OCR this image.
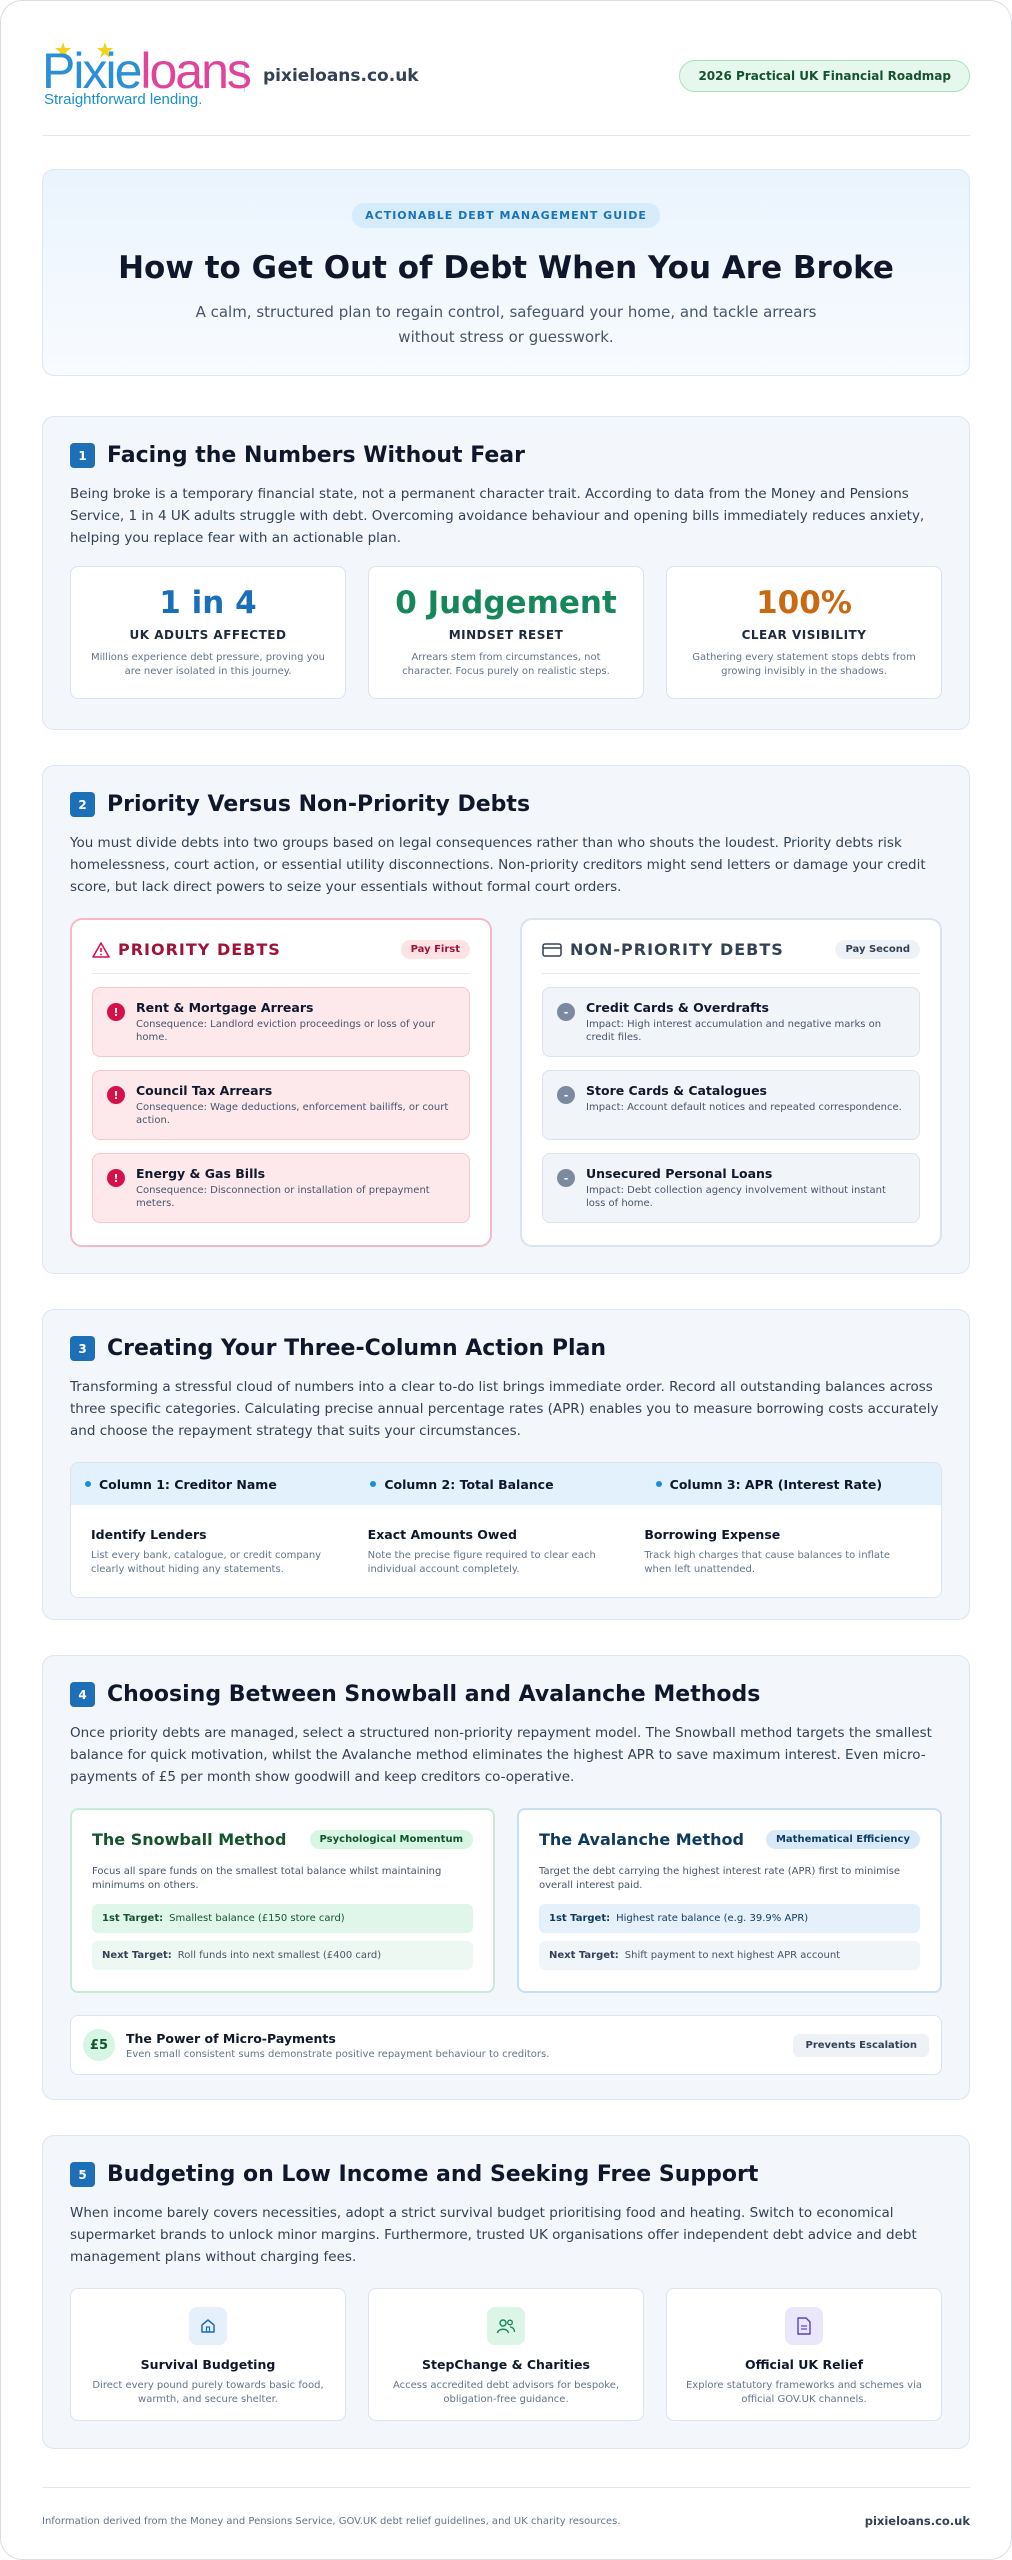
Pixieloans
Straightforward lending.
pixieloans.co.uk	2026 Practical UK Financial Roadmap
ACTIONABLE DEBT MANAGEMENT GUIDE
How to Get Out of Debt When You Are Broke

A calm, structured plan to regain control, safeguard your home, and tackle arrears without stress or guesswork.

1 Facing the Numbers Without Fear

Being broke is a temporary financial state, not a permanent character trait. According to data from the Money and Pensions Service, 1 in 4 UK adults struggle with debt. Overcoming avoidance behaviour and opening bills immediately reduces anxiety, helping you replace fear with an actionable plan.

1 in 4
UK ADULTS AFFECTED
Millions experience debt pressure, proving you are never isolated in this journey.
0 Judgement
MINDSET RESET
Arrears stem from circumstances, not character. Focus purely on realistic steps.
100%
CLEAR VISIBILITY
Gathering every statement stops debts from growing invisibly in the shadows.
2 Priority Versus Non-Priority Debts

You must divide debts into two groups based on legal consequences rather than who shouts the loudest. Priority debts risk homelessness, court action, or essential utility disconnections. Non-priority creditors might send letters or damage your credit score, but lack direct powers to seize your essentials without formal court orders.

PRIORITY DEBTS	Pay First
!	Rent & Mortgage Arrears
Consequence: Landlord eviction proceedings or loss of your home.
!	Council Tax Arrears
Consequence: Wage deductions, enforcement bailiffs, or court action.
!	Energy & Gas Bills
Consequence: Disconnection or installation of prepayment meters.
NON-PRIORITY DEBTS	Pay Second
-	Credit Cards & Overdrafts
Impact: High interest accumulation and negative marks on credit files.
-	Store Cards & Catalogues
Impact: Account default notices and repeated correspondence.
-	Unsecured Personal Loans
Impact: Debt collection agency involvement without instant loss of home.
3 Creating Your Three-Column Action Plan

Transforming a stressful cloud of numbers into a clear to-do list brings immediate order. Record all outstanding balances across three specific categories. Calculating precise annual percentage rates (APR) enables you to measure borrowing costs accurately and choose the repayment strategy that suits your circumstances.

Column 1: Creditor Name	Column 2: Total Balance	Column 3: APR (Interest Rate)
Identify Lenders
List every bank, catalogue, or credit company clearly without hiding any statements.
Exact Amounts Owed
Note the precise figure required to clear each individual account completely.
Borrowing Expense
Track high charges that cause balances to inflate when left unattended.
4 Choosing Between Snowball and Avalanche Methods

Once priority debts are managed, select a structured non-priority repayment model. The Snowball method targets the smallest balance for quick motivation, whilst the Avalanche method eliminates the highest APR to save maximum interest. Even micro-payments of £5 per month show goodwill and keep creditors co-operative.

The Snowball Method	Psychological Momentum
Focus all spare funds on the smallest total balance whilst maintaining minimums on others.
1st Target: Smallest balance (£150 store card)
Next Target: Roll funds into next smallest (£400 card)
The Avalanche Method	Mathematical Efficiency
Target the debt carrying the highest interest rate (APR) first to minimise overall interest paid.
1st Target: Highest rate balance (e.g. 39.9% APR)
Next Target: Shift payment to next highest APR account
£5	The Power of Micro-Payments
Even small consistent sums demonstrate positive repayment behaviour to creditors.
Prevents Escalation
5 Budgeting on Low Income and Seeking Free Support

When income barely covers necessities, adopt a strict survival budget prioritising food and heating. Switch to economical supermarket brands to unlock minor margins. Furthermore, trusted UK organisations offer independent debt advice and debt management plans without charging fees.

Survival Budgeting
Direct every pound purely towards basic food, warmth, and secure shelter.
StepChange & Charities
Access accredited debt advisors for bespoke, obligation-free guidance.
Official UK Relief
Explore statutory frameworks and schemes via official GOV.UK channels.
Information derived from the Money and Pensions Service, GOV.UK debt relief guidelines, and UK charity resources.	pixieloans.co.uk
